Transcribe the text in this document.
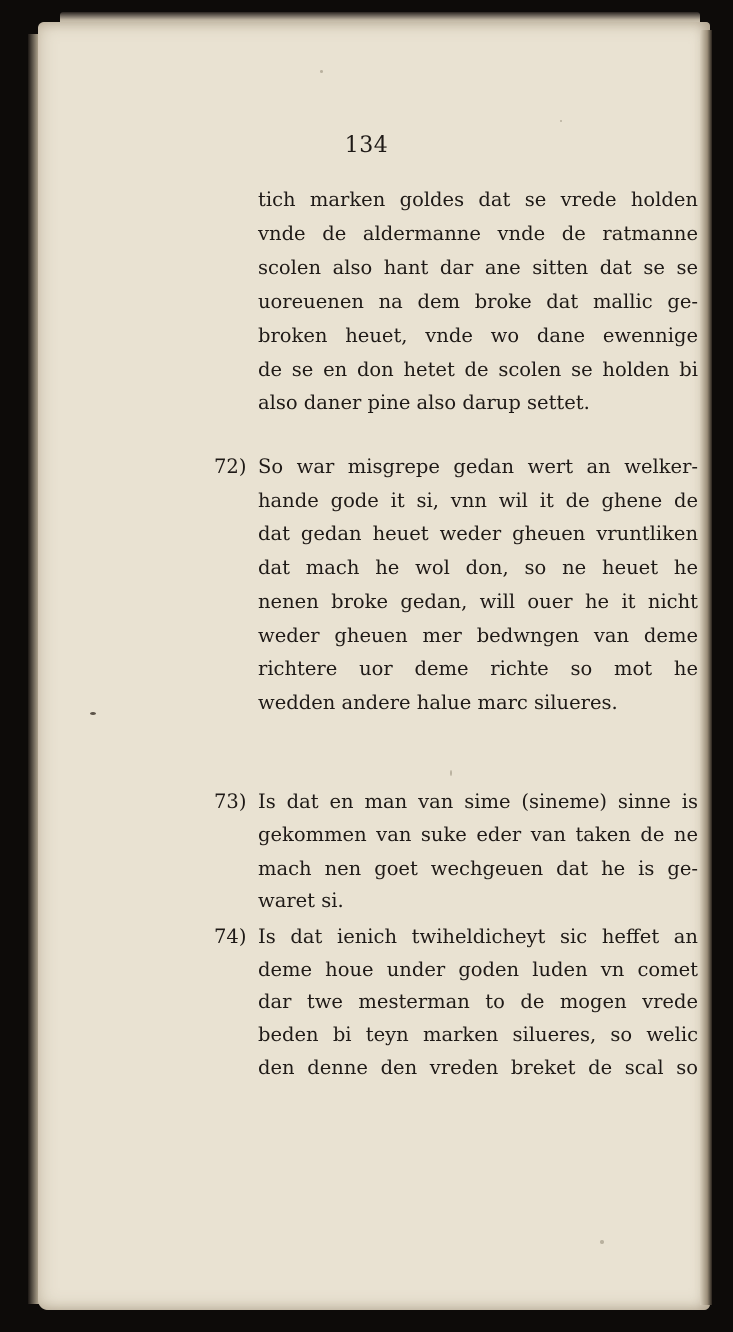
134
tich marken goldes dat se vrede holden
vnde de aldermanne vnde de ratmanne
scolen also hant dar ane sitten dat se se
uoreuenen na dem broke dat mallic ge-
broken heuet, vnde wo dane ewennige
de se en don hetet de scolen se holden bi
also daner pine also darup settet.
72) So war misgrepe gedan wert an welker-
hande gode it si, vnn wil it de ghene de
dat gedan heuet weder gheuen vruntliken
dat mach he wol don, so ne heuet he
nenen broke gedan, will ouer he it nicht
weder gheuen mer bedwngen van deme
richtere uor deme richte so mot he
wedden andere halue marc silueres.
73) Is dat en man van sime (sineme) sinne is
gekommen van suke eder van taken de ne
mach nen goet wechgeuen dat he is ge-
waret si.
74) Is dat ienich twiheldicheyt sic heffet an
deme houe under goden luden vn comet
dar twe mesterman to de mogen vrede
beden bi teyn marken silueres, so welic
den denne den vreden breket de scal so
